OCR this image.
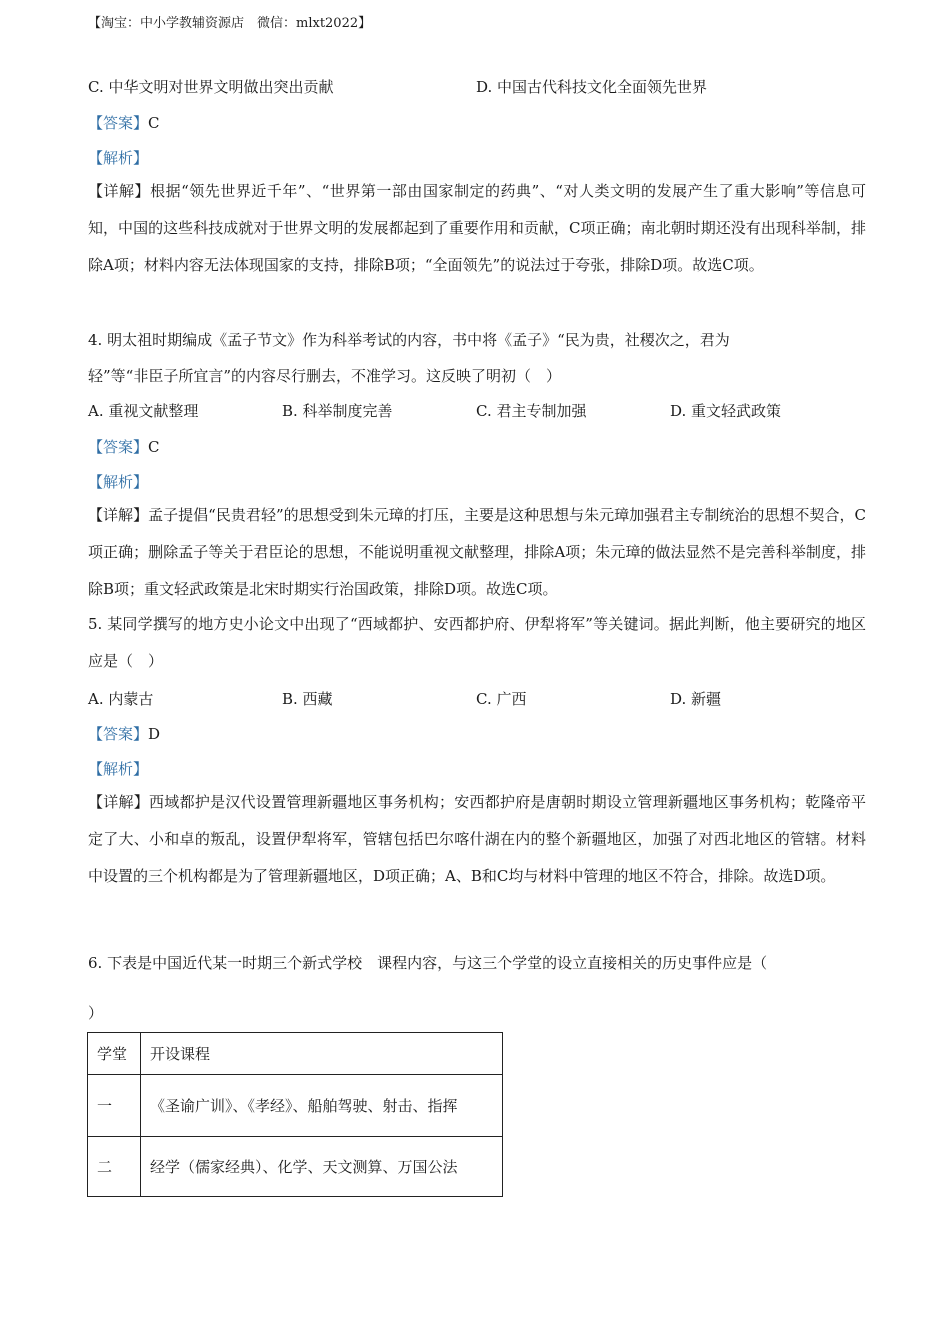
【淘宝：中小学教辅资源店　微信：mlxt2022】
C. 中华文明对世界文明做出突出贡献	D. 中国古代科技文化全面领先世界
【答案】C
【解析】
【详解】根据“领先世界近千年”、“世界第一部由国家制定的药典”、“对人类文明的发展产生了重大影响”等信息可知，中国的这些科技成就对于世界文明的发展都起到了重要作用和贡献，C项正确；南北朝时期还没有出现科举制，排除A项；材料内容无法体现国家的支持，排除B项；“全面领先”的说法过于夸张，排除D项。故选C项。
4. 明太祖时期编成《孟子节文》作为科举考试的内容，书中将《孟子》“民为贵，社稷次之，君为
轻”等“非臣子所宜言”的内容尽行删去，不准学习。这反映了明初（　）
A. 重视文献整理	B. 科举制度完善	C. 君主专制加强	D. 重文轻武政策
【答案】C
【解析】
【详解】孟子提倡“民贵君轻”的思想受到朱元璋的打压，主要是这种思想与朱元璋加强君主专制统治的思想不契合，C项正确；删除孟子等关于君臣论的思想，不能说明重视文献整理，排除A项；朱元璋的做法显然不是完善科举制度，排除B项；重文轻武政策是北宋时期实行治国政策，排除D项。故选C项。
5. 某同学撰写的地方史小论文中出现了“西域都护、安西都护府、伊犁将军”等关键词。据此判断，他主要研究的地区应是（　）
A. 内蒙古	B. 西藏	C. 广西	D. 新疆
【答案】D
【解析】
【详解】西域都护是汉代设置管理新疆地区事务机构；安西都护府是唐朝时期设立管理新疆地区事务机构；乾隆帝平定了大、小和卓的叛乱，设置伊犁将军，管辖包括巴尔喀什湖在内的整个新疆地区，加强了对西北地区的管辖。材料中设置的三个机构都是为了管理新疆地区，D项正确；A、B和C均与材料中管理的地区不符合，排除。故选D项。
6. 下表是中国近代某一时期三个新式学校　课程内容，与这三个学堂的设立直接相关的历史事件应是（
）
学堂	开设课程
一	《圣谕广训》、《孝经》、船舶驾驶、射击、指挥
二	经学（儒家经典）、化学、天文测算、万国公法
